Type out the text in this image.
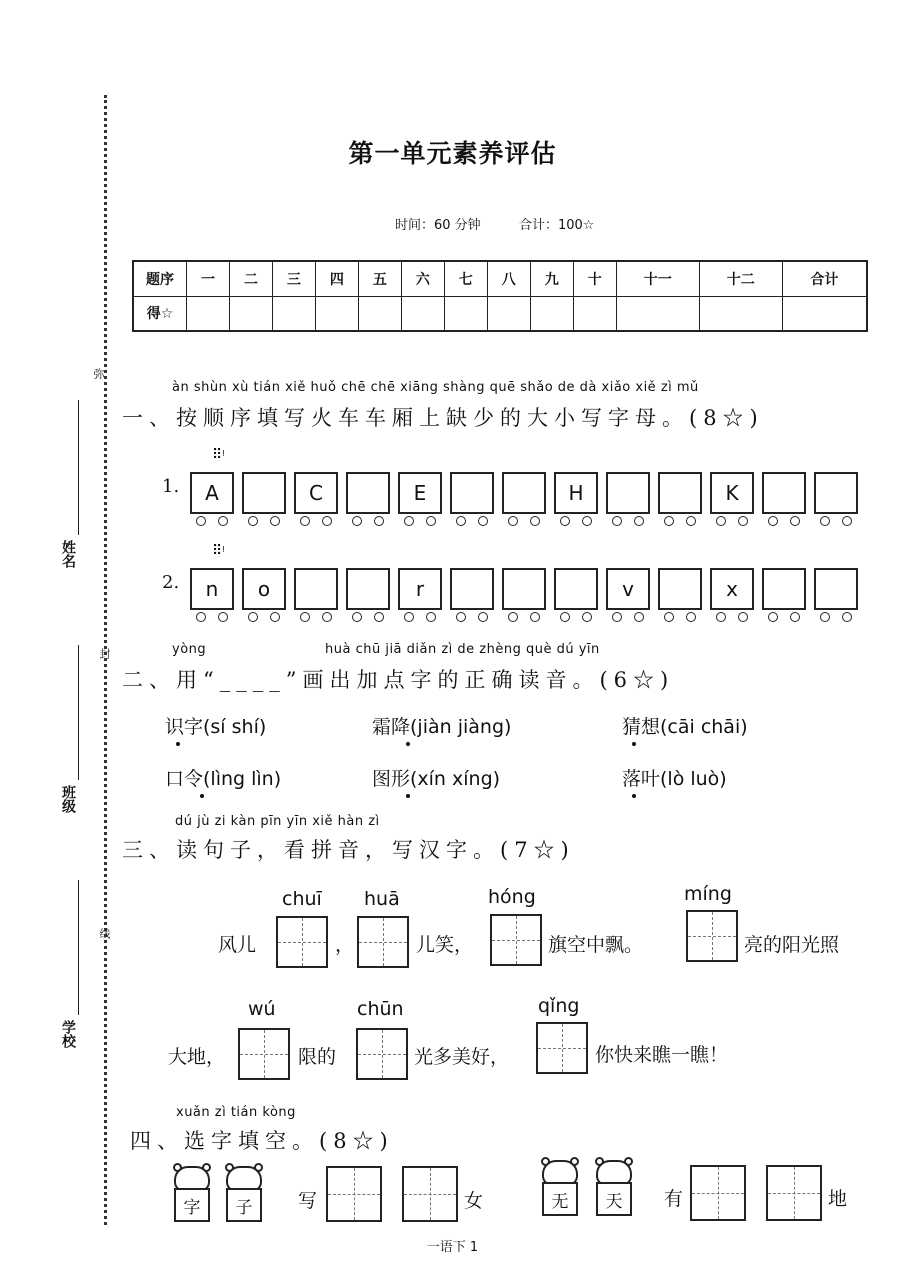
弥
封
线
姓名
班级
学校
第一单元素养评估
时间：60 分钟	合计：100☆
题序	一	二	三	四	五	六	七	八	九	十	十一	十二	合计
得☆													
àn shùn xù tián xiě huǒ chē chē xiāng shàng quē shǎo de dà xiǎo xiě zì mǔ
一、按顺序填写火车车厢上缺少的大小写字母。(8☆)
1.
⠿ᵎ
A	C	E	H	K
2.
⠿ᵎ
n o	r	v	x
yòng	huà chū jiā diǎn zì de zhèng què dú yīn
二、用“____”画出加点字的正确读音。(6☆)
识字(sí shí)	霜降(jiàn jiàng)	猜想(cāi chāi)
口令(lìng lìn)	图形(xín xíng)	落叶(lò luò)
dú jù zi kàn pīn yīn xiě hàn zì
三、读句子，看拼音，写汉字。(7☆)
风儿
chuī
，
huā
儿笑，
hóng
旗空中飘。
míng
亮的阳光照
大地，
wú
限的
chūn
光多美好，
qǐng
你快来瞧一瞧！
xuǎn zì tián kòng
四、选字填空。(8☆)
字	子	写	女	无	天	有	地
一语下 1
